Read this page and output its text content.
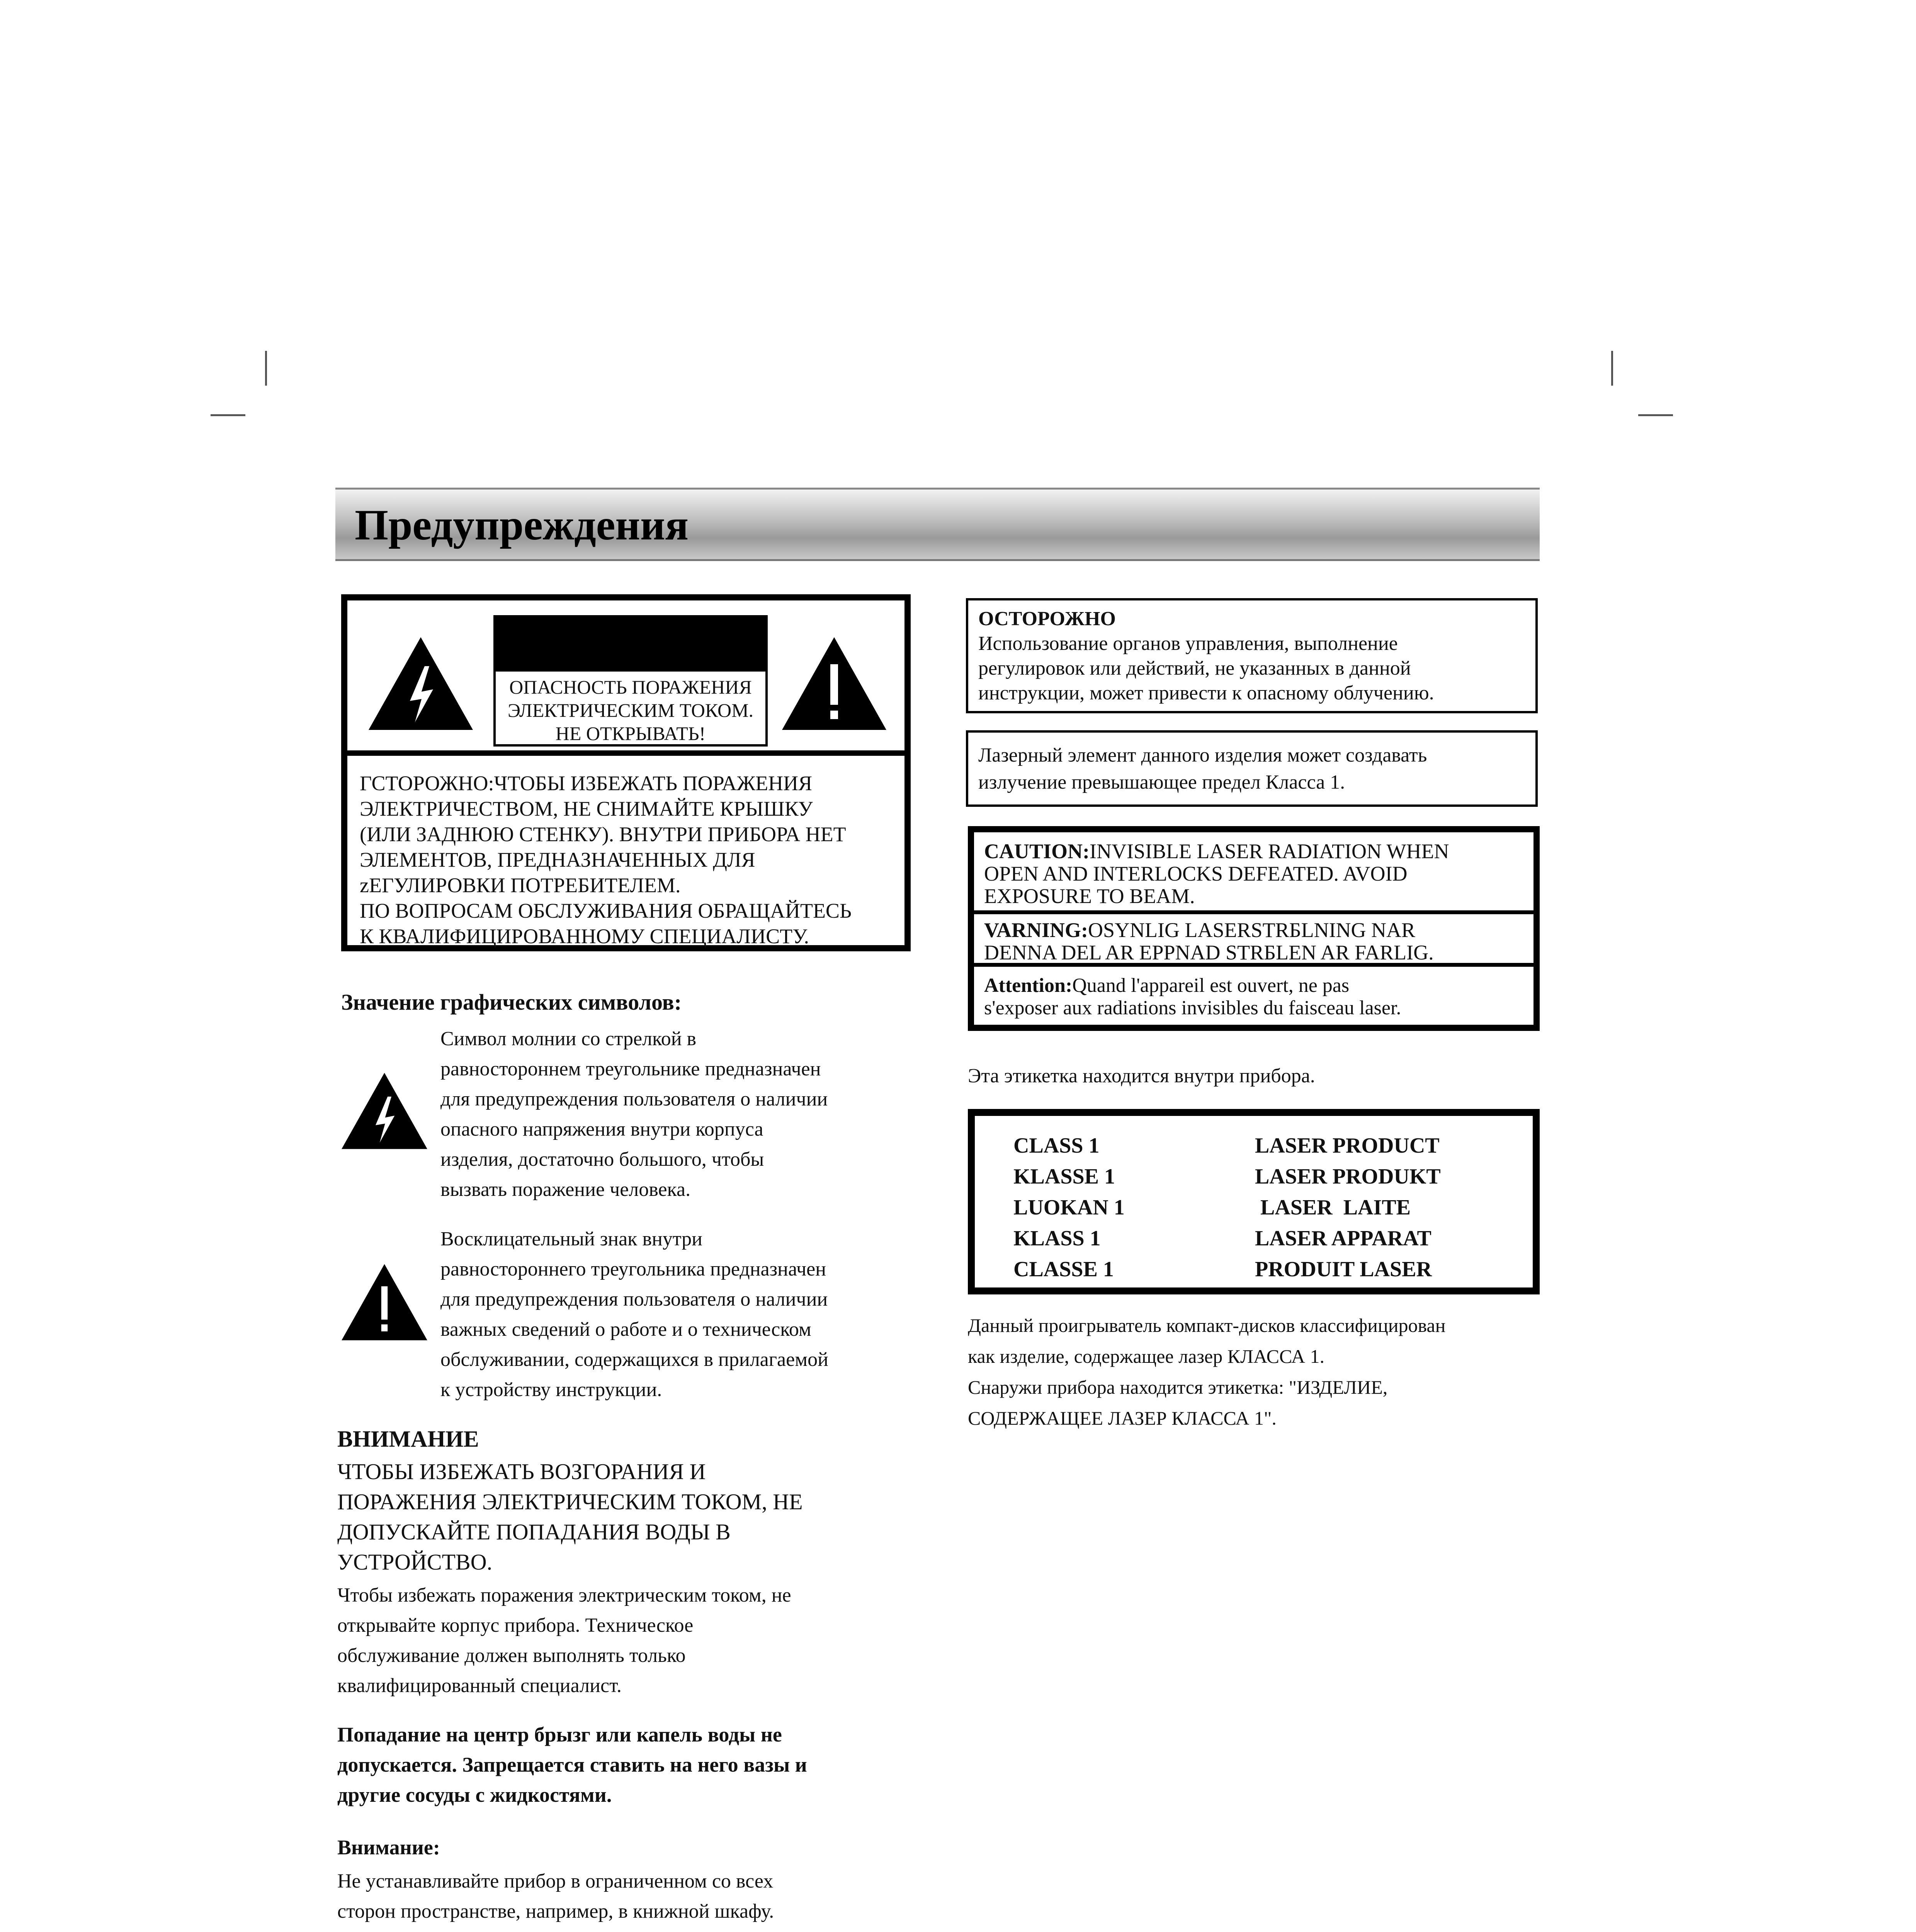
Предупреждения
ОПАСНОСТЬ ПОРАЖЕНИЯ
ЭЛЕКТРИЧЕСКИМ ТОКОМ.
НЕ ОТКРЫВАТЬ!
ГСТОРОЖНО:ЧТОБЫ ИЗБЕЖАТЬ ПОРАЖЕНИЯ
ЭЛЕКТРИЧЕСТВОМ, НЕ СНИМАЙТЕ КРЫШКУ
(ИЛИ ЗАДНЮЮ СТЕНКУ). ВНУТРИ ПРИБОРА НЕТ
ЭЛЕМЕНТОВ, ПРЕДНАЗНАЧЕННЫХ ДЛЯ
zЕГУЛИРОВКИ ПОТРЕБИТЕЛЕМ.
ПО ВОПРОСАМ ОБСЛУЖИВАНИЯ ОБРАЩАЙТЕСЬ
К КВАЛИФИЦИРОВАННОМУ СПЕЦИАЛИСТУ.
Значение графических символов:
Символ молнии со стрелкой в
равностороннем треугольнике предназначен
для предупреждения пользователя о наличии
опасного напряжения внутри корпуса
изделия, достаточно большого, чтобы
вызвать поражение человека.
Восклицательный знак внутри
равностороннего треугольника предназначен
для предупреждения пользователя о наличии
важных сведений о работе и о техническом
обслуживании, содержащихся в прилагаемой
к устройству инструкции.
ВНИМАНИЕ
ЧТОБЫ ИЗБЕЖАТЬ ВОЗГОРАНИЯ И
ПОРАЖЕНИЯ ЭЛЕКТРИЧЕСКИМ ТОКОМ, НЕ
ДОПУСКАЙТЕ ПОПАДАНИЯ ВОДЫ В
УСТРОЙСТВО.
Чтобы избежать поражения электрическим током, не
открывайте корпус прибора. Техническое
обслуживание должен выполнять только
квалифицированный специалист.
Попадание на центр брызг или капель воды не
допускается. Запрещается ставить на него вазы и
другие сосуды с жидкостями.
Внимание:
Не устанавливайте прибор в ограниченном со всех
сторон пространстве, например, в книжной шкафу.
ОСТОРОЖНО
Использование органов управления, выполнение
регулировок или действий, не указанных в данной
инструкции, может привести к опасному облучению.
Лазерный элемент данного изделия может создавать
излучение превышающее предел Класса 1.
CAUTION:INVISIBLE LASER RADIATION WHEN
OPEN AND INTERLOCKS DEFEATED. AVOID
EXPOSURE TO BEAM.
VARNING:OSYNLIG LASERSTRБLNING NAR
DENNA DEL AR EPPNAD STRБLEN AR FARLIG.
Attention:Quand l'appareil est ouvert, ne pas
s'exposer aux radiations invisibles du faisceau laser.
Эта этикетка находится внутри прибора.
CLASS 1	LASER PRODUCT
KLASSE 1	LASER PRODUKT
LUOKAN 1	LASER  LAITE
KLASS 1	LASER APPARAT
CLASSE 1	PRODUIT LASER
Данный проигрыватель компакт-дисков классифицирован
как изделие, содержащее лазер КЛАССА 1.
Снаружи прибора находится этикетка: "ИЗДЕЛИЕ,
СОДЕРЖАЩЕЕ ЛАЗЕР КЛАССА 1".
